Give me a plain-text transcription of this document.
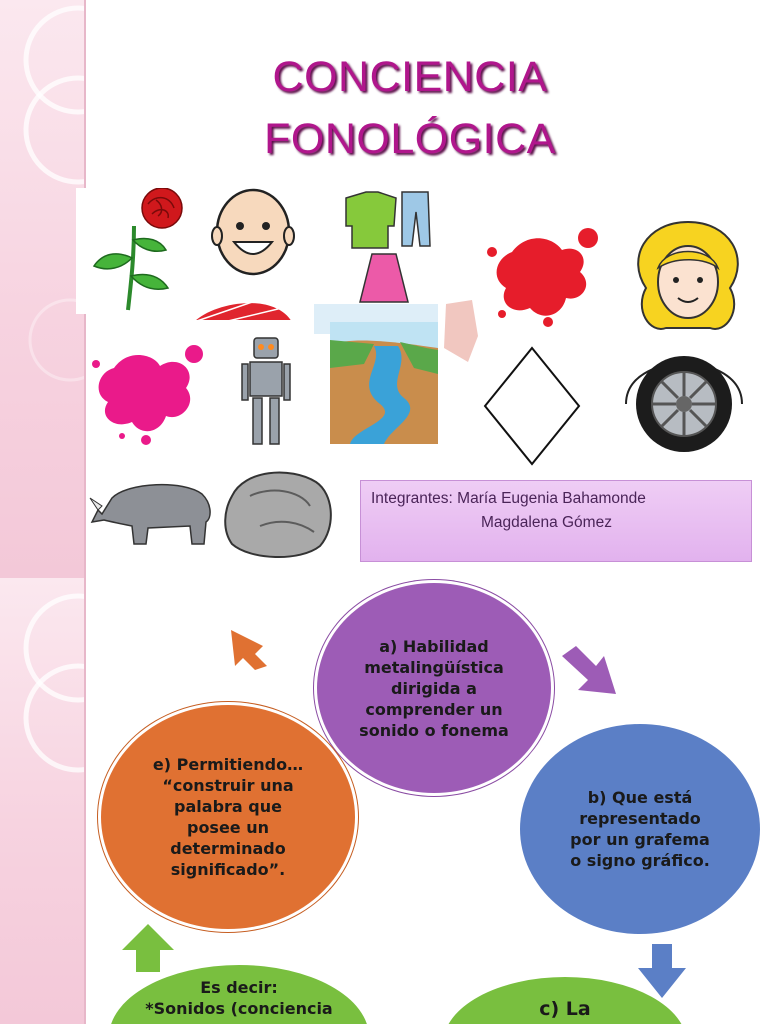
CONCIENCIA
FONOLÓGICA
Integrantes: María Eugenia Bahamonde
Magdalena Gómez
a) Habilidad
metalingüística
dirigida a
comprender un
sonido o fonema
b) Que está
representado
por un grafema
o signo gráfico.
e) Permitiendo…
“construir una
palabra que
posee un
determinado
significado”.
Es decir:
*Sonidos (conciencia	c) La
